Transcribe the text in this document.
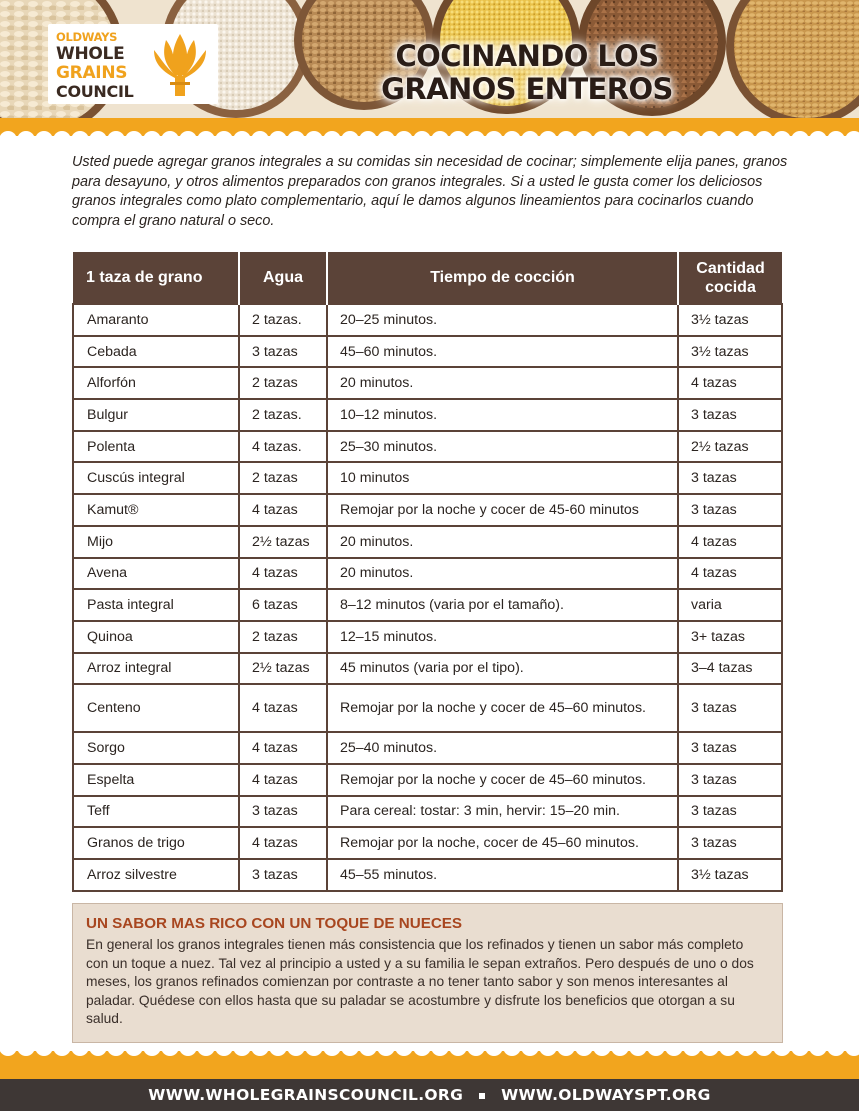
OLDWAYS
WHOLE
GRAINS
COUNCIL
COCINANDO LOS
GRANOS ENTEROS

Usted puede agregar granos integrales a su comidas sin necesidad de cocinar; simplemente elija panes, granos para desayuno, y otros alimentos preparados con granos integrales. Si a usted le gusta comer los deliciosos granos integrales como plato complementario, aquí le damos algunos lineamientos para cocinarlos cuando compra el grano natural o seco.

1 taza de grano	Agua	Tiempo de cocción	Cantidad cocida
Amaranto	2 tazas.	20–25 minutos.	3½ tazas
Cebada	3 tazas	45–60 minutos.	3½ tazas
Alforfón	2 tazas	20 minutos.	4 tazas
Bulgur	2 tazas.	10–12 minutos.	3 tazas
Polenta	4 tazas.	25–30 minutos.	2½ tazas
Cuscús integral	2 tazas	10 minutos	3 tazas
Kamut®	4 tazas	Remojar por la noche y cocer de 45-60 minutos	3 tazas
Mijo	2½ tazas	20 minutos.	4 tazas
Avena	4 tazas	20 minutos.	4 tazas
Pasta integral	6 tazas	8–12 minutos (varia por el tamaño).	varia
Quinoa	2 tazas	12–15 minutos.	3+ tazas
Arroz integral	2½ tazas	45 minutos (varia por el tipo).	3–4 tazas
Centeno	4 tazas	Remojar por la noche y cocer de 45–60 minutos.	3 tazas
Sorgo	4 tazas	25–40 minutos.	3 tazas
Espelta	4 tazas	Remojar por la noche y cocer de 45–60 minutos.	3 tazas
Teff	3 tazas	Para cereal: tostar: 3 min, hervir: 15–20 min.	3 tazas
Granos de trigo	4 tazas	Remojar por la noche, cocer de 45–60 minutos.	3 tazas
Arroz silvestre	3 tazas	45–55 minutos.	3½ tazas
UN SABOR MAS RICO CON UN TOQUE DE NUECES
En general los granos integrales tienen más consistencia que los refinados y tienen un sabor más completo con un toque a nuez. Tal vez al principio a usted y a su familia le sepan extraños. Pero después de uno o dos meses, los granos refinados comienzan por contraste a no tener tanto sabor y son menos interesantes al paladar. Quédese con ellos hasta que su paladar se acostumbre y disfrute los beneficios que otorgan a su salud.
WWW.WHOLEGRAINSCOUNCIL.ORG WWW.OLDWAYSPT.ORG
